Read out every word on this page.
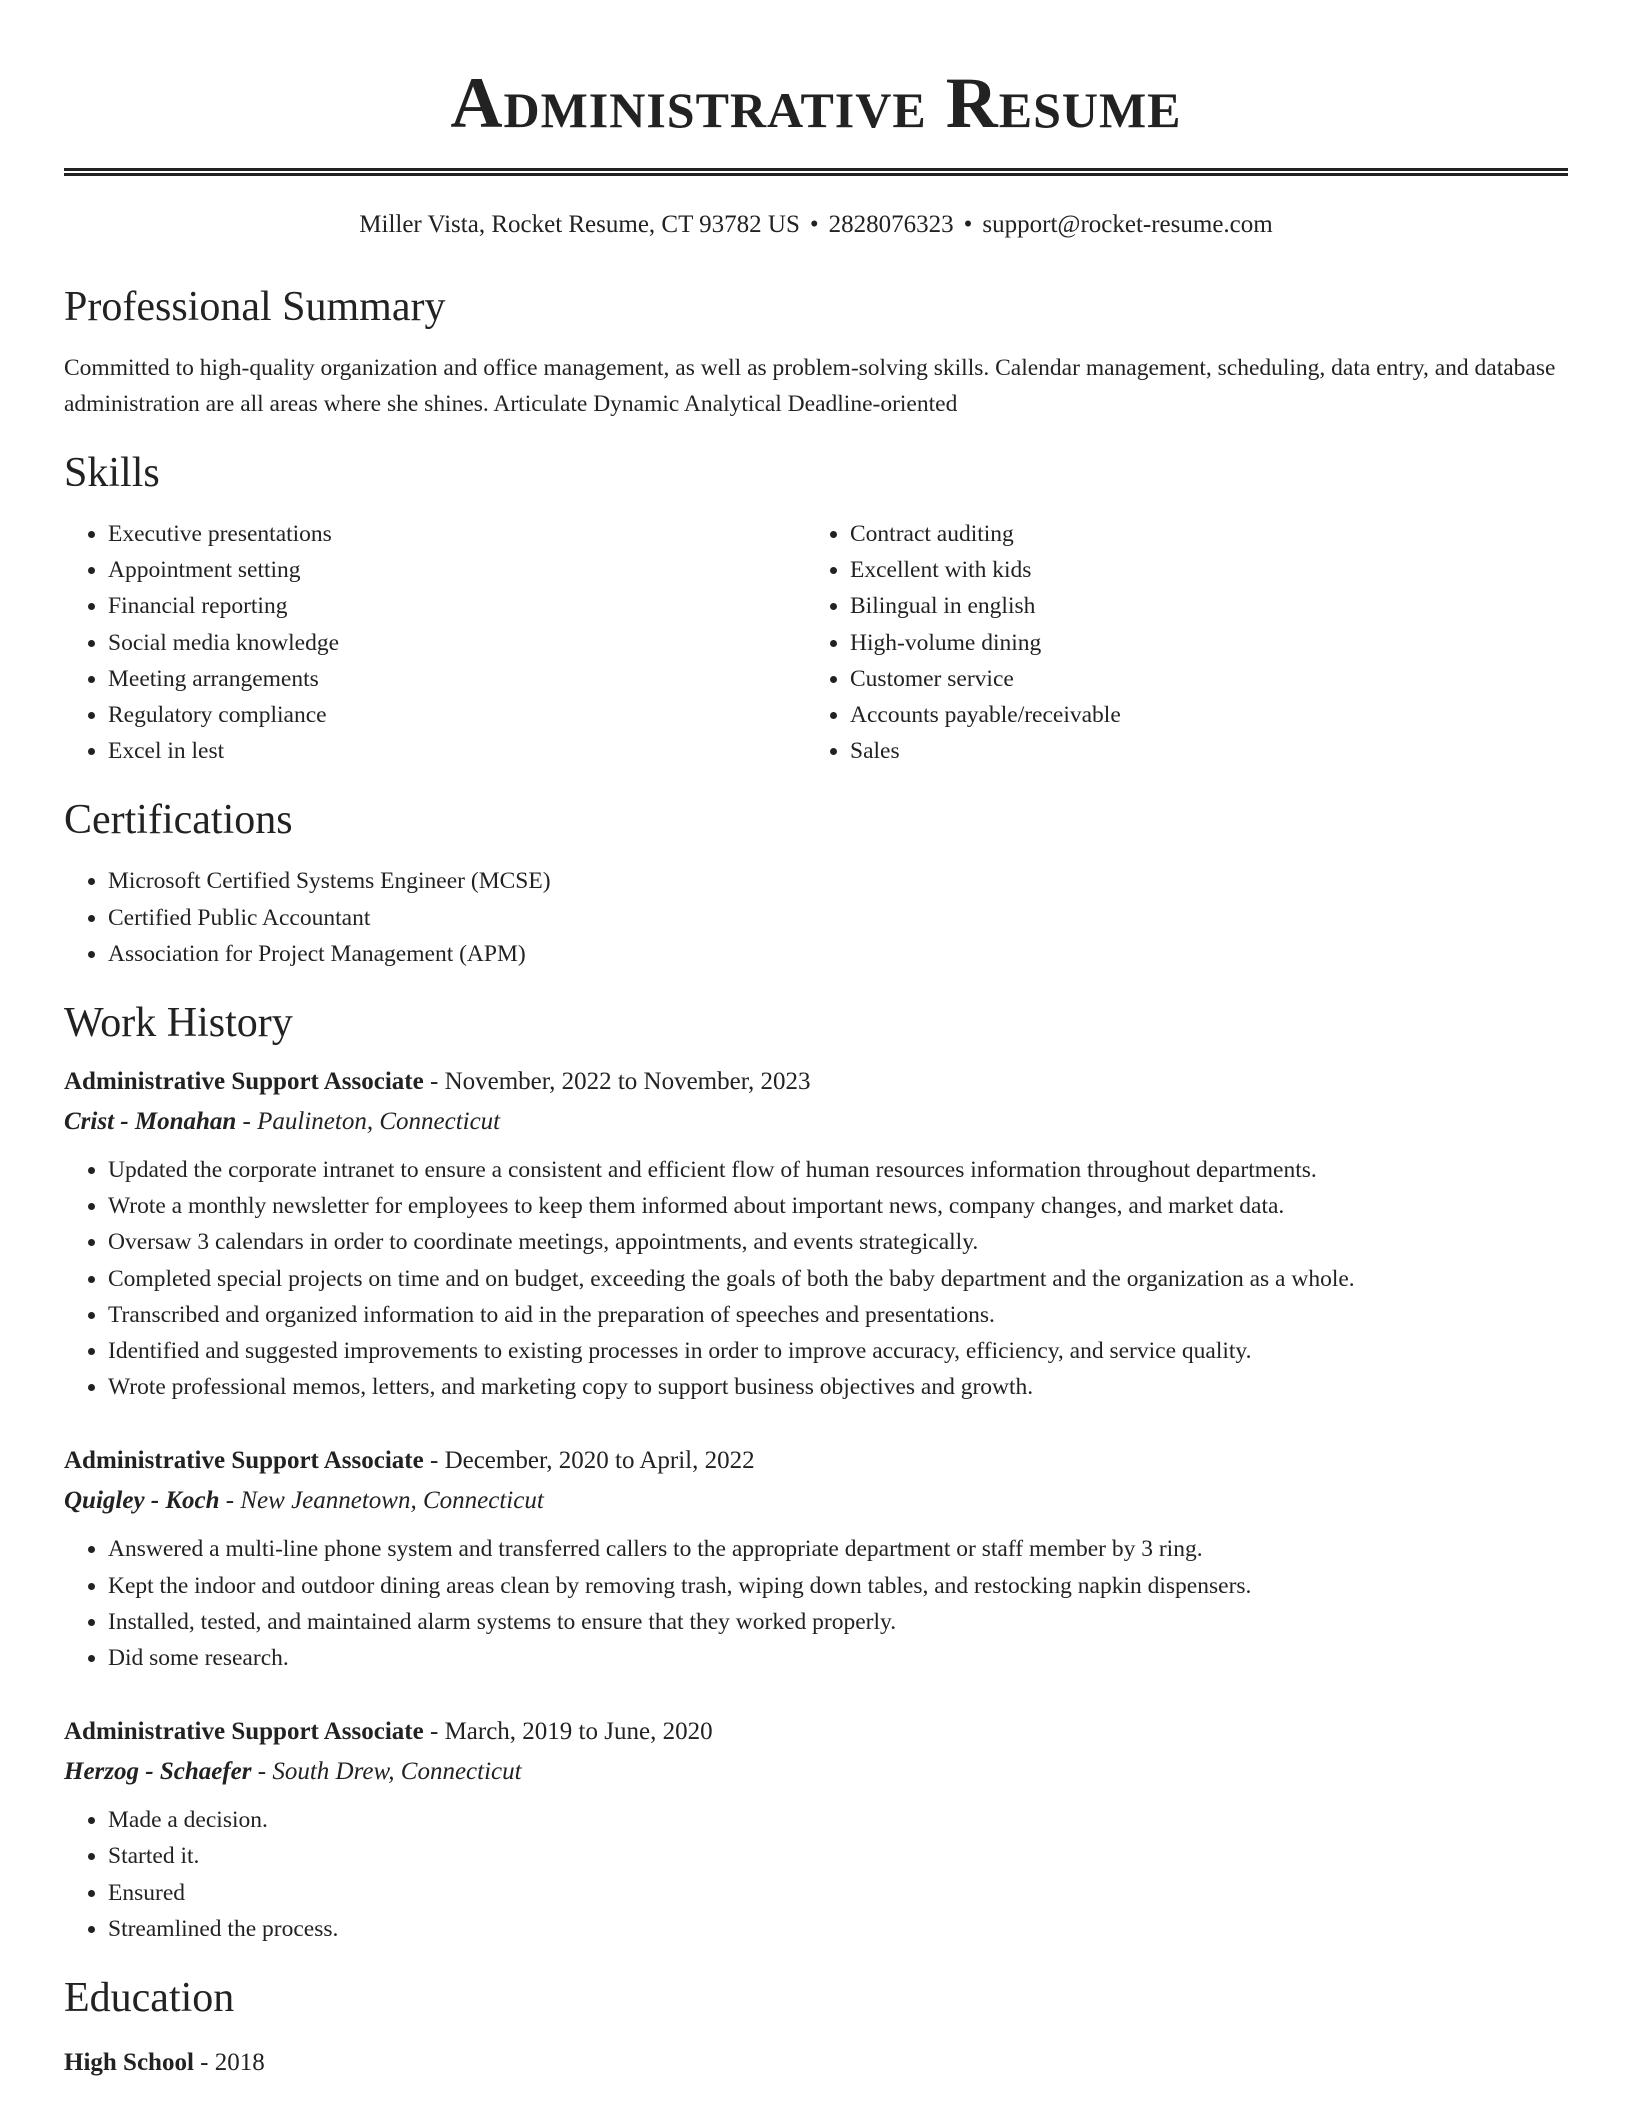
Administrative Resume
Miller Vista, Rocket Resume, CT 93782 US • 2828076323 • support@rocket-resume.com
Professional Summary
Committed to high-quality organization and office management, as well as problem-solving skills. Calendar management, scheduling, data entry, and database administration are all areas where she shines. Articulate Dynamic Analytical Deadline-oriented
Skills
• Executive presentations
• Appointment setting
• Financial reporting
• Social media knowledge
• Meeting arrangements
• Regulatory compliance
• Excel in lest
• Contract auditing
• Excellent with kids
• Bilingual in english
• High-volume dining
• Customer service
• Accounts payable/receivable
• Sales
Certifications
• Microsoft Certified Systems Engineer (MCSE)
• Certified Public Accountant
• Association for Project Management (APM)
Work History
Administrative Support Associate - November, 2022 to November, 2023
Crist - Monahan - Paulineton, Connecticut
• Updated the corporate intranet to ensure a consistent and efficient flow of human resources information throughout departments.
• Wrote a monthly newsletter for employees to keep them informed about important news, company changes, and market data.
• Oversaw 3 calendars in order to coordinate meetings, appointments, and events strategically.
• Completed special projects on time and on budget, exceeding the goals of both the baby department and the organization as a whole.
• Transcribed and organized information to aid in the preparation of speeches and presentations.
• Identified and suggested improvements to existing processes in order to improve accuracy, efficiency, and service quality.
• Wrote professional memos, letters, and marketing copy to support business objectives and growth.
Administrative Support Associate - December, 2020 to April, 2022
Quigley - Koch - New Jeannetown, Connecticut
• Answered a multi-line phone system and transferred callers to the appropriate department or staff member by 3 ring.
• Kept the indoor and outdoor dining areas clean by removing trash, wiping down tables, and restocking napkin dispensers.
• Installed, tested, and maintained alarm systems to ensure that they worked properly.
• Did some research.
Administrative Support Associate - March, 2019 to June, 2020
Herzog - Schaefer - South Drew, Connecticut
• Made a decision.
• Started it.
• Ensured
• Streamlined the process.
Education
High School - 2018
